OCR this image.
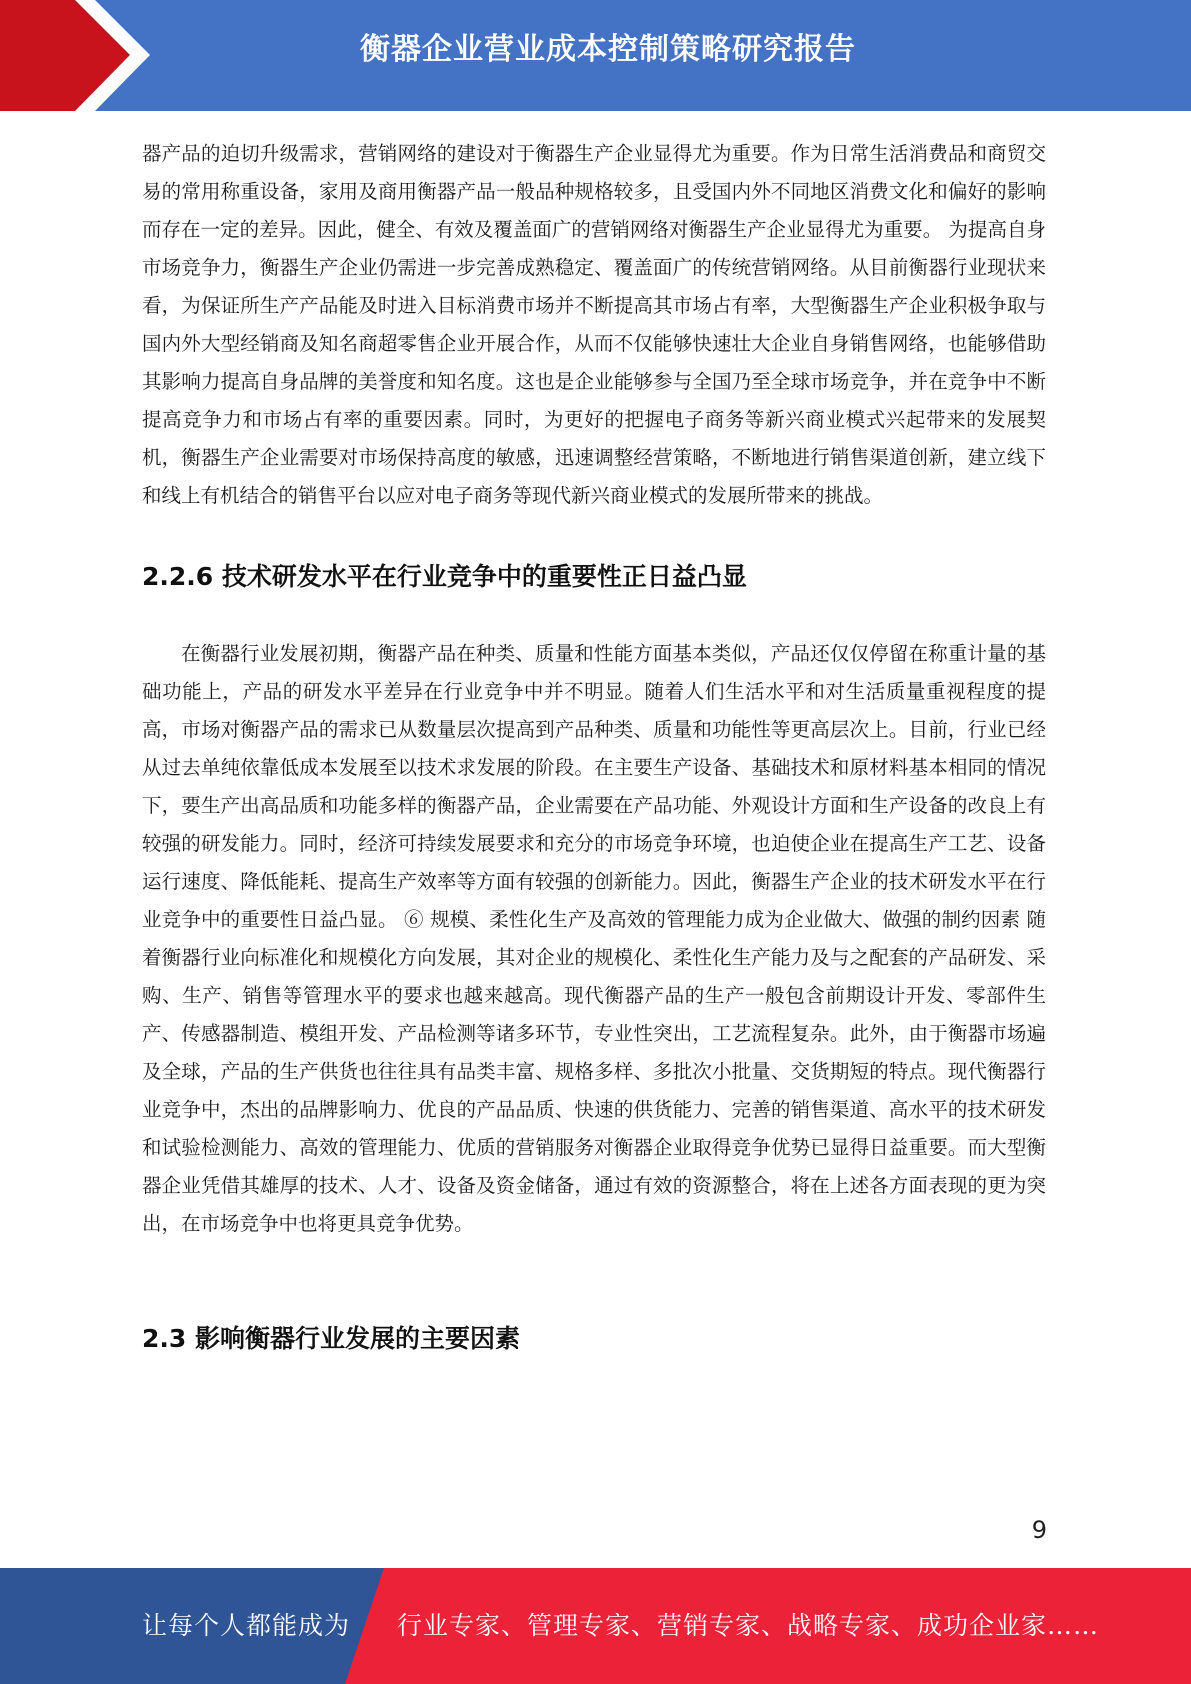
衡器企业营业成本控制策略研究报告

器产品的迫切升级需求，营销网络的建设对于衡器生产企业显得尤为重要。作为日常生活消费品和商贸交易的常用称重设备，家用及商用衡器产品一般品种规格较多，且受国内外不同地区消费文化和偏好的影响而存在一定的差异。因此，健全、有效及覆盖面广的营销网络对衡器生产企业显得尤为重要。 为提高自身市场竞争力，衡器生产企业仍需进一步完善成熟稳定、覆盖面广的传统营销网络。从目前衡器行业现状来看，为保证所生产产品能及时进入目标消费市场并不断提高其市场占有率，大型衡器生产企业积极争取与国内外大型经销商及知名商超零售企业开展合作，从而不仅能够快速壮大企业自身销售网络，也能够借助其影响力提高自身品牌的美誉度和知名度。这也是企业能够参与全国乃至全球市场竞争，并在竞争中不断提高竞争力和市场占有率的重要因素。同时，为更好的把握电子商务等新兴商业模式兴起带来的发展契机，衡器生产企业需要对市场保持高度的敏感，迅速调整经营策略，不断地进行销售渠道创新，建立线下和线上有机结合的销售平台以应对电子商务等现代新兴商业模式的发展所带来的挑战。

2.2.6 技术研发水平在行业竞争中的重要性正日益凸显

在衡器行业发展初期，衡器产品在种类、质量和性能方面基本类似，产品还仅仅停留在称重计量的基础功能上，产品的研发水平差异在行业竞争中并不明显。随着人们生活水平和对生活质量重视程度的提高，市场对衡器产品的需求已从数量层次提高到产品种类、质量和功能性等更高层次上。目前，行业已经从过去单纯依靠低成本发展至以技术求发展的阶段。在主要生产设备、基础技术和原材料基本相同的情况下，要生产出高品质和功能多样的衡器产品，企业需要在产品功能、外观设计方面和生产设备的改良上有较强的研发能力。同时，经济可持续发展要求和充分的市场竞争环境，也迫使企业在提高生产工艺、设备运行速度、降低能耗、提高生产效率等方面有较强的创新能力。因此，衡器生产企业的技术研发水平在行业竞争中的重要性日益凸显。 ⑥ 规模、柔性化生产及高效的管理能力成为企业做大、做强的制约因素 随着衡器行业向标准化和规模化方向发展，其对企业的规模化、柔性化生产能力及与之配套的产品研发、采购、生产、销售等管理水平的要求也越来越高。现代衡器产品的生产一般包含前期设计开发、零部件生产、传感器制造、模组开发、产品检测等诸多环节，专业性突出，工艺流程复杂。此外，由于衡器市场遍及全球，产品的生产供货也往往具有品类丰富、规格多样、多批次小批量、交货期短的特点。现代衡器行业竞争中，杰出的品牌影响力、优良的产品品质、快速的供货能力、完善的销售渠道、高水平的技术研发和试验检测能力、高效的管理能力、优质的营销服务对衡器企业取得竞争优势已显得日益重要。而大型衡器企业凭借其雄厚的技术、人才、设备及资金储备，通过有效的资源整合，将在上述各方面表现的更为突出，在市场竞争中也将更具竞争优势。

2.3 影响衡器行业发展的主要因素
9
让每个人都能成为 行业专家、管理专家、营销专家、战略专家、成功企业家……
